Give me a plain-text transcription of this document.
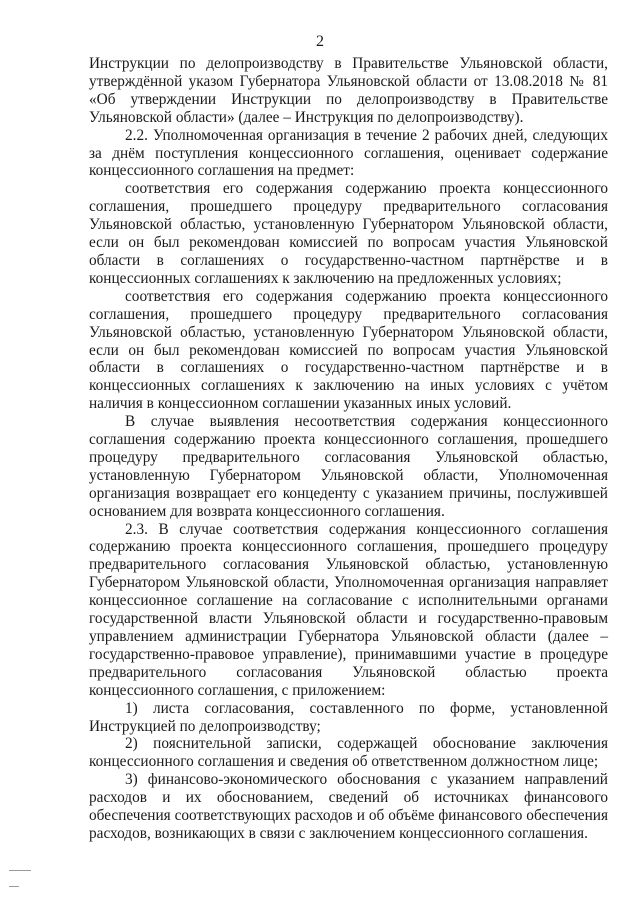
2

Инструкции по делопроизводству в Правительстве Ульяновской области, утверждённой указом Губернатора Ульяновской области от 13.08.2018 № 81 «Об утверждении Инструкции по делопроизводству в Правительстве Ульяновской области» (далее – Инструкция по делопроизводству).

2.2. Уполномоченная организация в течение 2 рабочих дней, следующих за днём поступления концессионного соглашения, оценивает содержание концессионного соглашения на предмет:

соответствия его содержания содержанию проекта концессионного соглашения, прошедшего процедуру предварительного согласования Ульяновской областью, установленную Губернатором Ульяновской области, если он был рекомендован комиссией по вопросам участия Ульяновской области в соглашениях о государственно-частном партнёрстве и в концессионных соглашениях к заключению на предложенных условиях;

соответствия его содержания содержанию проекта концессионного соглашения, прошедшего процедуру предварительного согласования Ульяновской областью, установленную Губернатором Ульяновской области, если он был рекомендован комиссией по вопросам участия Ульяновской области в соглашениях о государственно-частном партнёрстве и в концессионных соглашениях к заключению на иных условиях с учётом наличия в концессионном соглашении указанных иных условий.

В случае выявления несоответствия содержания концессионного соглашения содержанию проекта концессионного соглашения, прошедшего процедуру предварительного согласования Ульяновской областью, установленную Губернатором Ульяновской области, Уполномоченная организация возвращает его концеденту с указанием причины, послужившей основанием для возврата концессионного соглашения.

2.3. В случае соответствия содержания концессионного соглашения содержанию проекта концессионного соглашения, прошедшего процедуру предварительного согласования Ульяновской областью, установленную Губернатором Ульяновской области, Уполномоченная организация направляет концессионное соглашение на согласование с исполнительными органами государственной власти Ульяновской области и государственно-правовым управлением администрации Губернатора Ульяновской области (далее – государственно-правовое управление), принимавшими участие в процедуре предварительного согласования Ульяновской областью проекта концессионного соглашения, с приложением:

1) листа согласования, составленного по форме, установленной Инструкцией по делопроизводству;

2) пояснительной записки, содержащей обоснование заключения концессионного соглашения и сведения об ответственном должностном лице;

3) финансово-экономического обоснования с указанием направлений расходов и их обоснованием, сведений об источниках финансового обеспечения соответствующих расходов и об объёме финансового обеспечения расходов, возникающих в связи с заключением концессионного соглашения.
